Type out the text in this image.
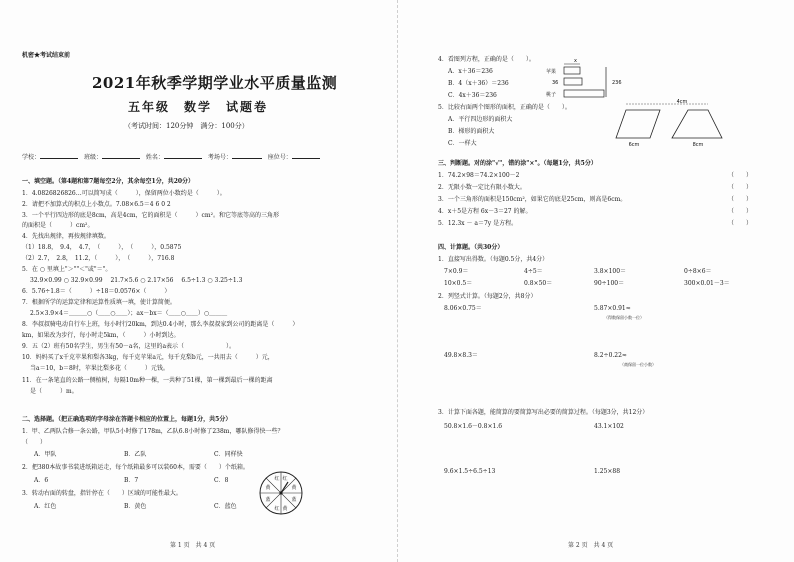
机密★考试结束前
2021年秋季学期学业水平质量监测
五年级　数学　试题卷
（考试时间：120分钟　满分：100分）
学校：	班级：	姓名：	考场号：	座位号：
一、填空题。（第4题和第7题每空2分，其余每空1分，共20分）
1．4.0826826826…可以简写成（　　　），保留两位小数约是（　　　）。
2．请把不加算式的积点上小数点。7.08×6.5＝4 6 0 2
3．一个平行四边形的底是8cm，高是4cm，它的面积是（　　　）cm²。和它等底等高的三角形
的面积是（　　　）cm²。
4．先找出规律，再按规律填数。
（1）18.8，　9.4，　4.7，　（　　　），　（　　　），0.5875
（2）2.7，　2.8，　11.2，（　　　），　（　　　），716.8
5．在 ○ 里填上"＞""＜"或"＝"。
32.9×0.99 ○ 32.9×0.99　 21.7×5.6 ○ 2.17×56　 6.5÷1.3 ○ 3.25÷1.3
6．5.76÷1.8＝（　　　）÷18＝0.0576×（　　　）
7．根据所学的运算定律和运算性质填一填，使计算简便。
2.5×3.9×4＝＿＿＿○（＿＿○＿＿）；ax－bx＝（＿＿○＿＿）○＿＿＿
8．李叔叔骑电动自行车上班，每小时行20km，到达0.4小时，那么李叔叔家到公司的距离是（　　　）
km，如果改为步行，每小时走5km，（　　　）小时到达。
9．五（2）班有50名学生，男生有50－a名，这里的a表示（　　　　　　　）。
10．妈妈买了x千克苹果和梨各3kg，每千克苹果a元，每千克梨b元，一共用去（　　　）元，
当a＝10，b＝8时，苹果比梨多花（　　　）元钱。
11．在一条笔直的公路一侧植树，每隔10m种一棵，一共种了51棵，第一棵到最后一棵的距离
是（　　　）m。
二、选择题。（把正确选项的字母涂在答题卡相应的位置上，每题1分，共5分）
1．甲、乙两队合修一条公路，甲队5小时修了178m，乙队6.8小时修了238m，哪队修得快一些？
（　　）
A．甲队	B．乙队	C．同样快
2．把380本故事书装进纸箱运走，每个纸箱最多可以装60本，需要（　　）个纸箱。
A．6	B．7	C．8
3．转动右面的转盘，指针停在（　　）区域的可能性最大。
A．红色	B．黄色	C．蓝色
红
黄
蓝
黄
红
蓝
黄
红
第 1 页　共 4 页
4．看图列方程，正确的是（　　）。
A．x＋36＝236
B．4（x＋36）＝236
C．4x＋36＝236
x
苹果
36
桃子
236
5．比较右面两个图形的面积，正确的是（　　）。
A．平行四边形的面积大
B．梯形的面积大
C．一样大
4cm
6cm	8cm
三、判断题。对的涂"√"，错的涂"×"。（每题1分，共5分）
1．74.2×98＝74.2×100－2
2．无限小数一定比有限小数大。
3．一个三角形的面积是150cm²，如果它的底是25cm，则高是6cm。
4．x＋5是方程 6x－3＝27 的解。
5．12.3x － a＝7y 是方程。
（　　）
（　　）
（　　）
（　　）
（　　）
四、计算题。（共30分）
1．直接写出得数。（每题0.5分，共4分）
7×0.9＝	4÷5＝	3.8×100＝	0÷8×6＝
10×0.5＝	0.8×50＝	90÷100＝	300×0.01－3＝
2．列竖式计算。（每题2分，共8分）
8.06×0.75＝	5.87×0.91≈
（得数保留小数一位）
49.8×8.3＝	8.2÷0.22≈
（商保留一位小数）
3．计算下面各题，能简算的要简算写出必要的简算过程。（每题3分，共12分）
50.8×1.6－0.8×1.6	43.1×102
9.6×1.5÷6.5÷13	1.25×88
第 2 页　共 4 页
